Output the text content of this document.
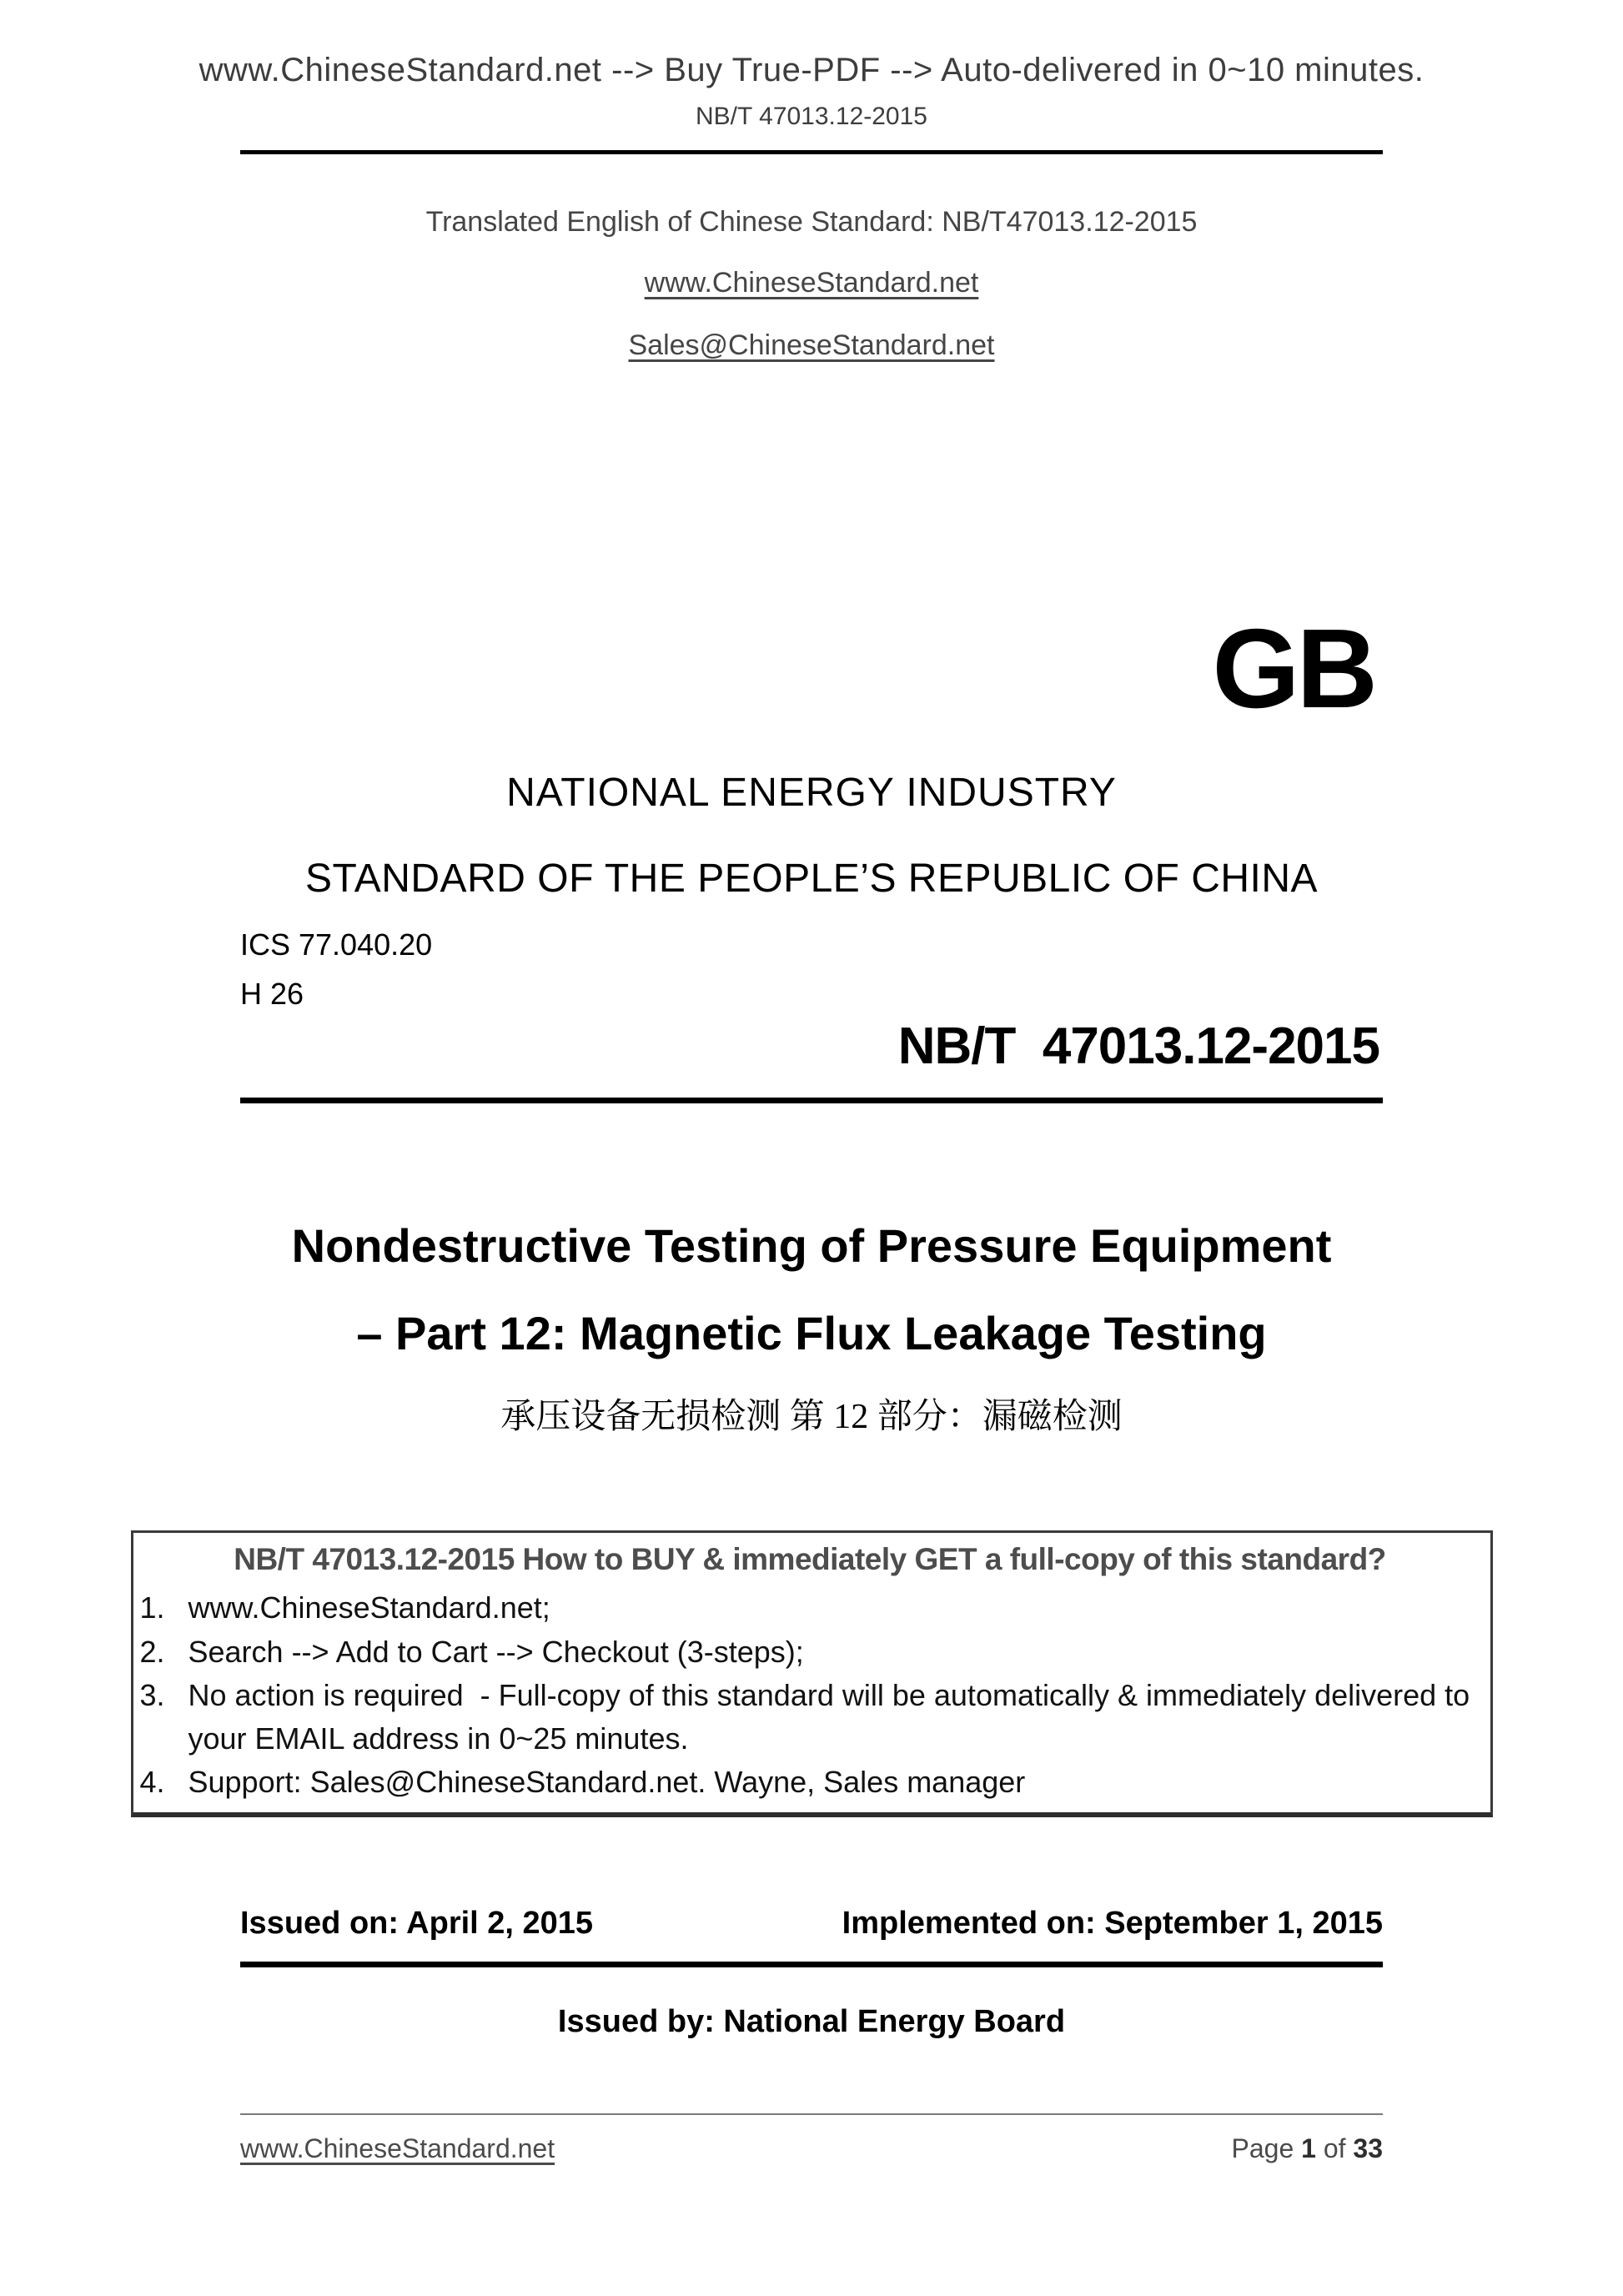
www.ChineseStandard.net --> Buy True-PDF --> Auto-delivered in 0~10 minutes.
NB/T 47013.12-2015
Translated English of Chinese Standard: NB/T47013.12-2015
www.ChineseStandard.net
Sales@ChineseStandard.net
GB
NATIONAL ENERGY INDUSTRY
STANDARD OF THE PEOPLE’S REPUBLIC OF CHINA
ICS 77.040.20
H 26
NB/T  47013.12-2015
Nondestructive Testing of Pressure Equipment
– Part 12: Magnetic Flux Leakage Testing
承压设备无损检测 第 12 部分：漏磁检测
NB/T 47013.12-2015 How to BUY & immediately GET a full-copy of this standard?
1. www.ChineseStandard.net;
2. Search --> Add to Cart --> Checkout (3-steps);
3. No action is required  - Full-copy of this standard will be automatically & immediately delivered to your EMAIL address in 0~25 minutes.
4. Support: Sales@ChineseStandard.net. Wayne, Sales manager
Issued on: April 2, 2015	Implemented on: September 1, 2015
Issued by: National Energy Board
www.ChineseStandard.net	Page 1 of 33
